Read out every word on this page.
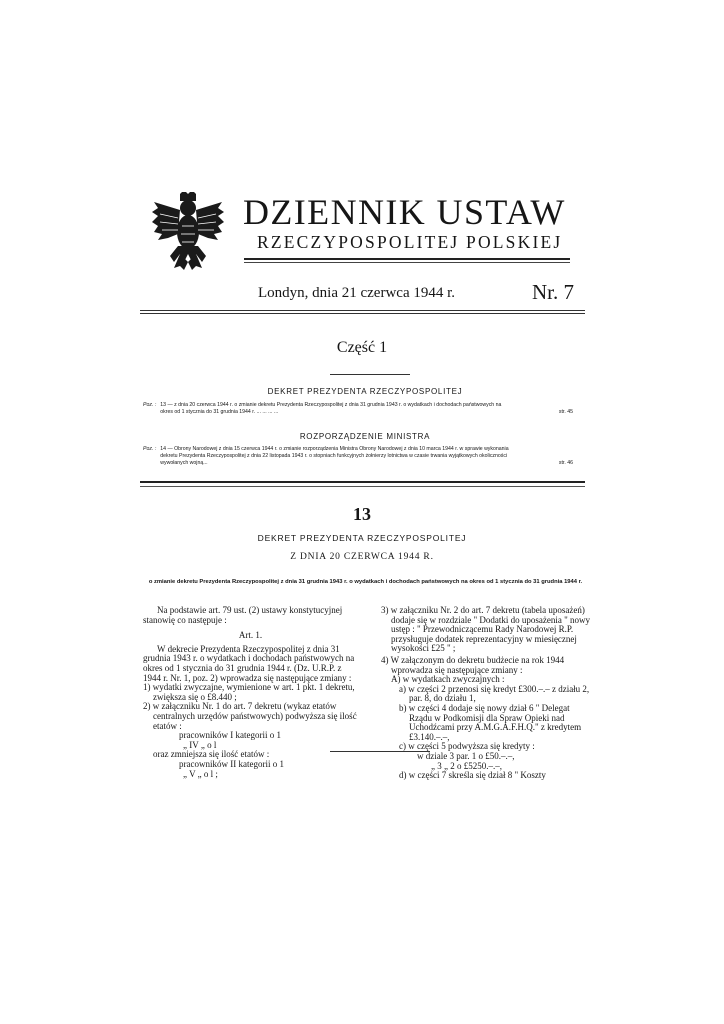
DZIENNIK USTAW
RZECZYPOSPOLITEJ POLSKIEJ
Londyn, dnia 21 czerwca 1944 r.	Nr. 7
Część 1
DEKRET PREZYDENTA RZECZYPOSPOLITEJ
Poz. : 13 — z dnia 20 czerwca 1944 r. o zmianie dekretu Prezydenta Rzeczypospolitej z dnia 31 grudnia 1943 r. o wydatkach i dochodach państwowych na okres od 1 stycznia do 31 grudnia 1944 r. ... ... ... ...	str. 45
ROZPORZĄDZENIE MINISTRA
Poz. : 14 — Obrony Narodowej z dnia 15 czerwca 1944 r. o zmianie rozporządzenia Ministra Obrony Narodowej z dnia 10 marca 1944 r. w sprawie wykonania dekretu Prezydenta Rzeczypospolitej z dnia 22 listopada 1943 r. o stopniach funkcyjnych żołnierzy lotnictwa w czasie trwania wyjątkowych okoliczności wywołanych wojną...	str. 46
13
DEKRET PREZYDENTA RZECZYPOSPOLITEJ
Z DNIA 20 CZERWCA 1944 R.
o zmianie dekretu Prezydenta Rzeczypospolitej z dnia 31 grudnia 1943 r. o wydatkach i dochodach państwowych na okres od 1 stycznia do 31 grudnia 1944 r.

Na podstawie art. 79 ust. (2) ustawy konstytucyjnej stanowię co następuje :

Art. 1.

W dekrecie Prezydenta Rzeczypospolitej z dnia 31 grudnia 1943 r. o wydatkach i dochodach państwowych na okres od 1 stycznia do 31 grudnia 1944 r. (Dz. U.R.P. z 1944 r. Nr. 1, poz. 2) wprowadza się następujące zmiany :

1) wydatki zwyczajne, wymienione w art. 1 pkt. 1 dekretu, zwiększa się o £8.440 ;

2) w załączniku Nr. 1 do art. 7 dekretu (wykaz etatów centralnych urzędów państwowych) podwyższa się ilość etatów :

pracowników I kategorii o 1

„ IV „ o l

oraz zmniejsza się ilość etatów :

pracowników II kategorii o 1

„ V „ o l ;

3) w załączniku Nr. 2 do art. 7 dekretu (tabela uposażeń) dodaje się w rozdziale " Dodatki do uposażenia " nowy ustęp : " Przewodniczącemu Rady Narodowej R.P. przysługuje dodatek reprezentacyjny w miesięcznej wysokości £25 " ;

4) W załączonym do dekretu budżecie na rok 1944 wprowadza się następujące zmiany :

A) w wydatkach zwyczajnych :

a) w części 2 przenosi się kredyt £300.–.– z działu 2, par. 8, do działu 1,

b) w części 4 dodaje się nowy dział 6 " Delegat Rządu w Podkomisji dla Spraw Opieki nad Uchodźcami przy A.M.G.A.F.H.Q." z kredytem £3.140.–.–,

c) w części 5 podwyższa się kredyty :

w dziale 3 par. 1 o £50.–.–,

„ 3 „ 2 o £5250.–.–,

d) w części 7 skreśla się dział 8 " Koszty
